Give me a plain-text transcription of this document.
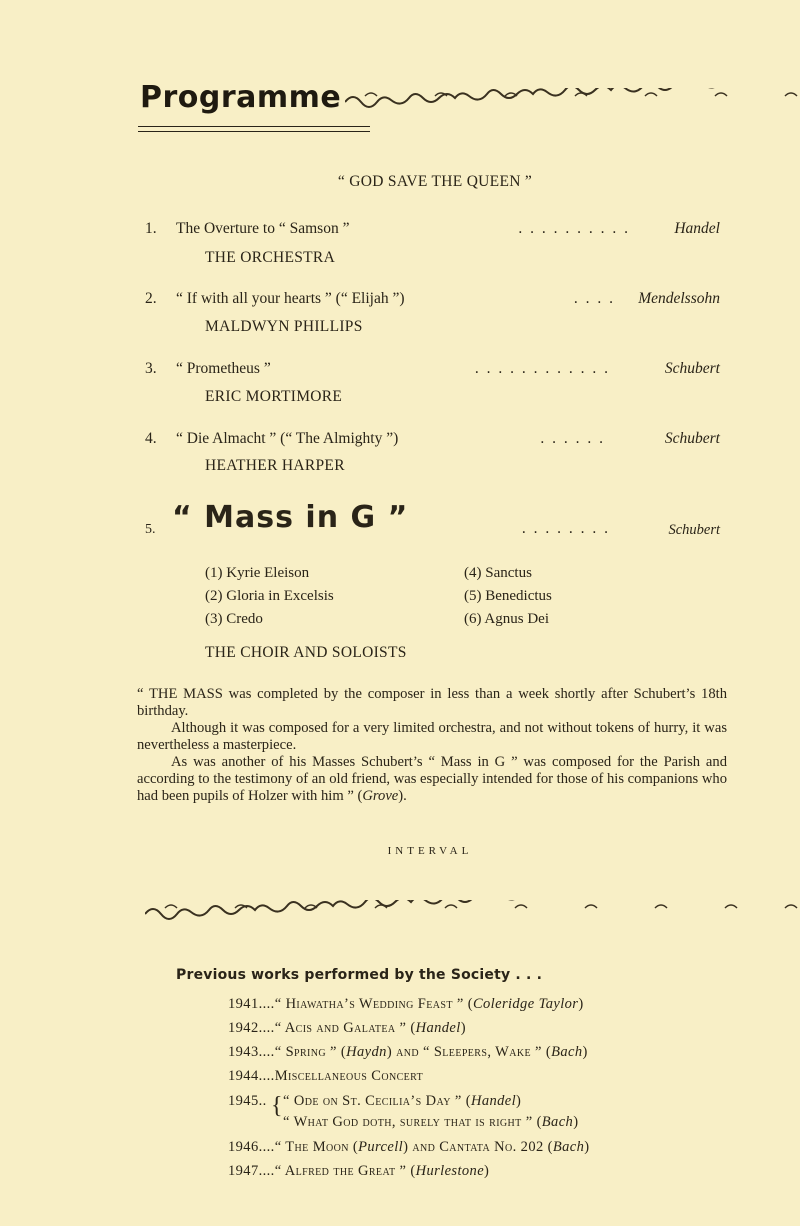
Programme
“ GOD SAVE THE QUEEN ”
1. The Overture to “ Samson ”	. . . . . . . . . .	Handel
THE ORCHESTRA
2. “ If with all your hearts ” (“ Elijah ”)	. . . . Mendelssohn
MALDWYN PHILLIPS
3. “ Prometheus ”	. . . . . . . . . . . .	Schubert
ERIC MORTIMORE
4. “ Die Almacht ” (“ The Almighty ”)	. . . . . .	Schubert
HEATHER HARPER
5. “ Mass in G ”	. . . . . . . .	Schubert
(1) Kyrie Eleison
(2) Gloria in Excelsis
(3) Credo
(4) Sanctus
(5) Benedictus
(6) Agnus Dei
THE CHOIR AND SOLOISTS

“ THE MASS was completed by the composer in less than a week shortly after Schubert’s 18th birthday.

Although it was composed for a very limited orchestra, and not without tokens of hurry, it was nevertheless a masterpiece.

As was another of his Masses Schubert’s “ Mass in G ” was composed for the Parish and according to the testimony of an old friend, was especially intended for those of his companions who had been pupils of Holzer with him ” (Grove).

INTERVAL
Previous works performed by the Society . . .
1941....“ Hiawatha’s Wedding Feast ” (Coleridge Taylor)
1942....“ Acis and Galatea ” (Handel)
1943....“ Spring ” (Haydn) and “ Sleepers, Wake ” (Bach)
1944....Miscellaneous Concert
1945.. { “ Ode on St. Cecilia’s Day ” (Handel)
“ What God doth, surely that is right ” (Bach)
1946....“ The Moon (Purcell) and Cantata No. 202 (Bach)
1947....“ Alfred the Great ” (Hurlestone)
